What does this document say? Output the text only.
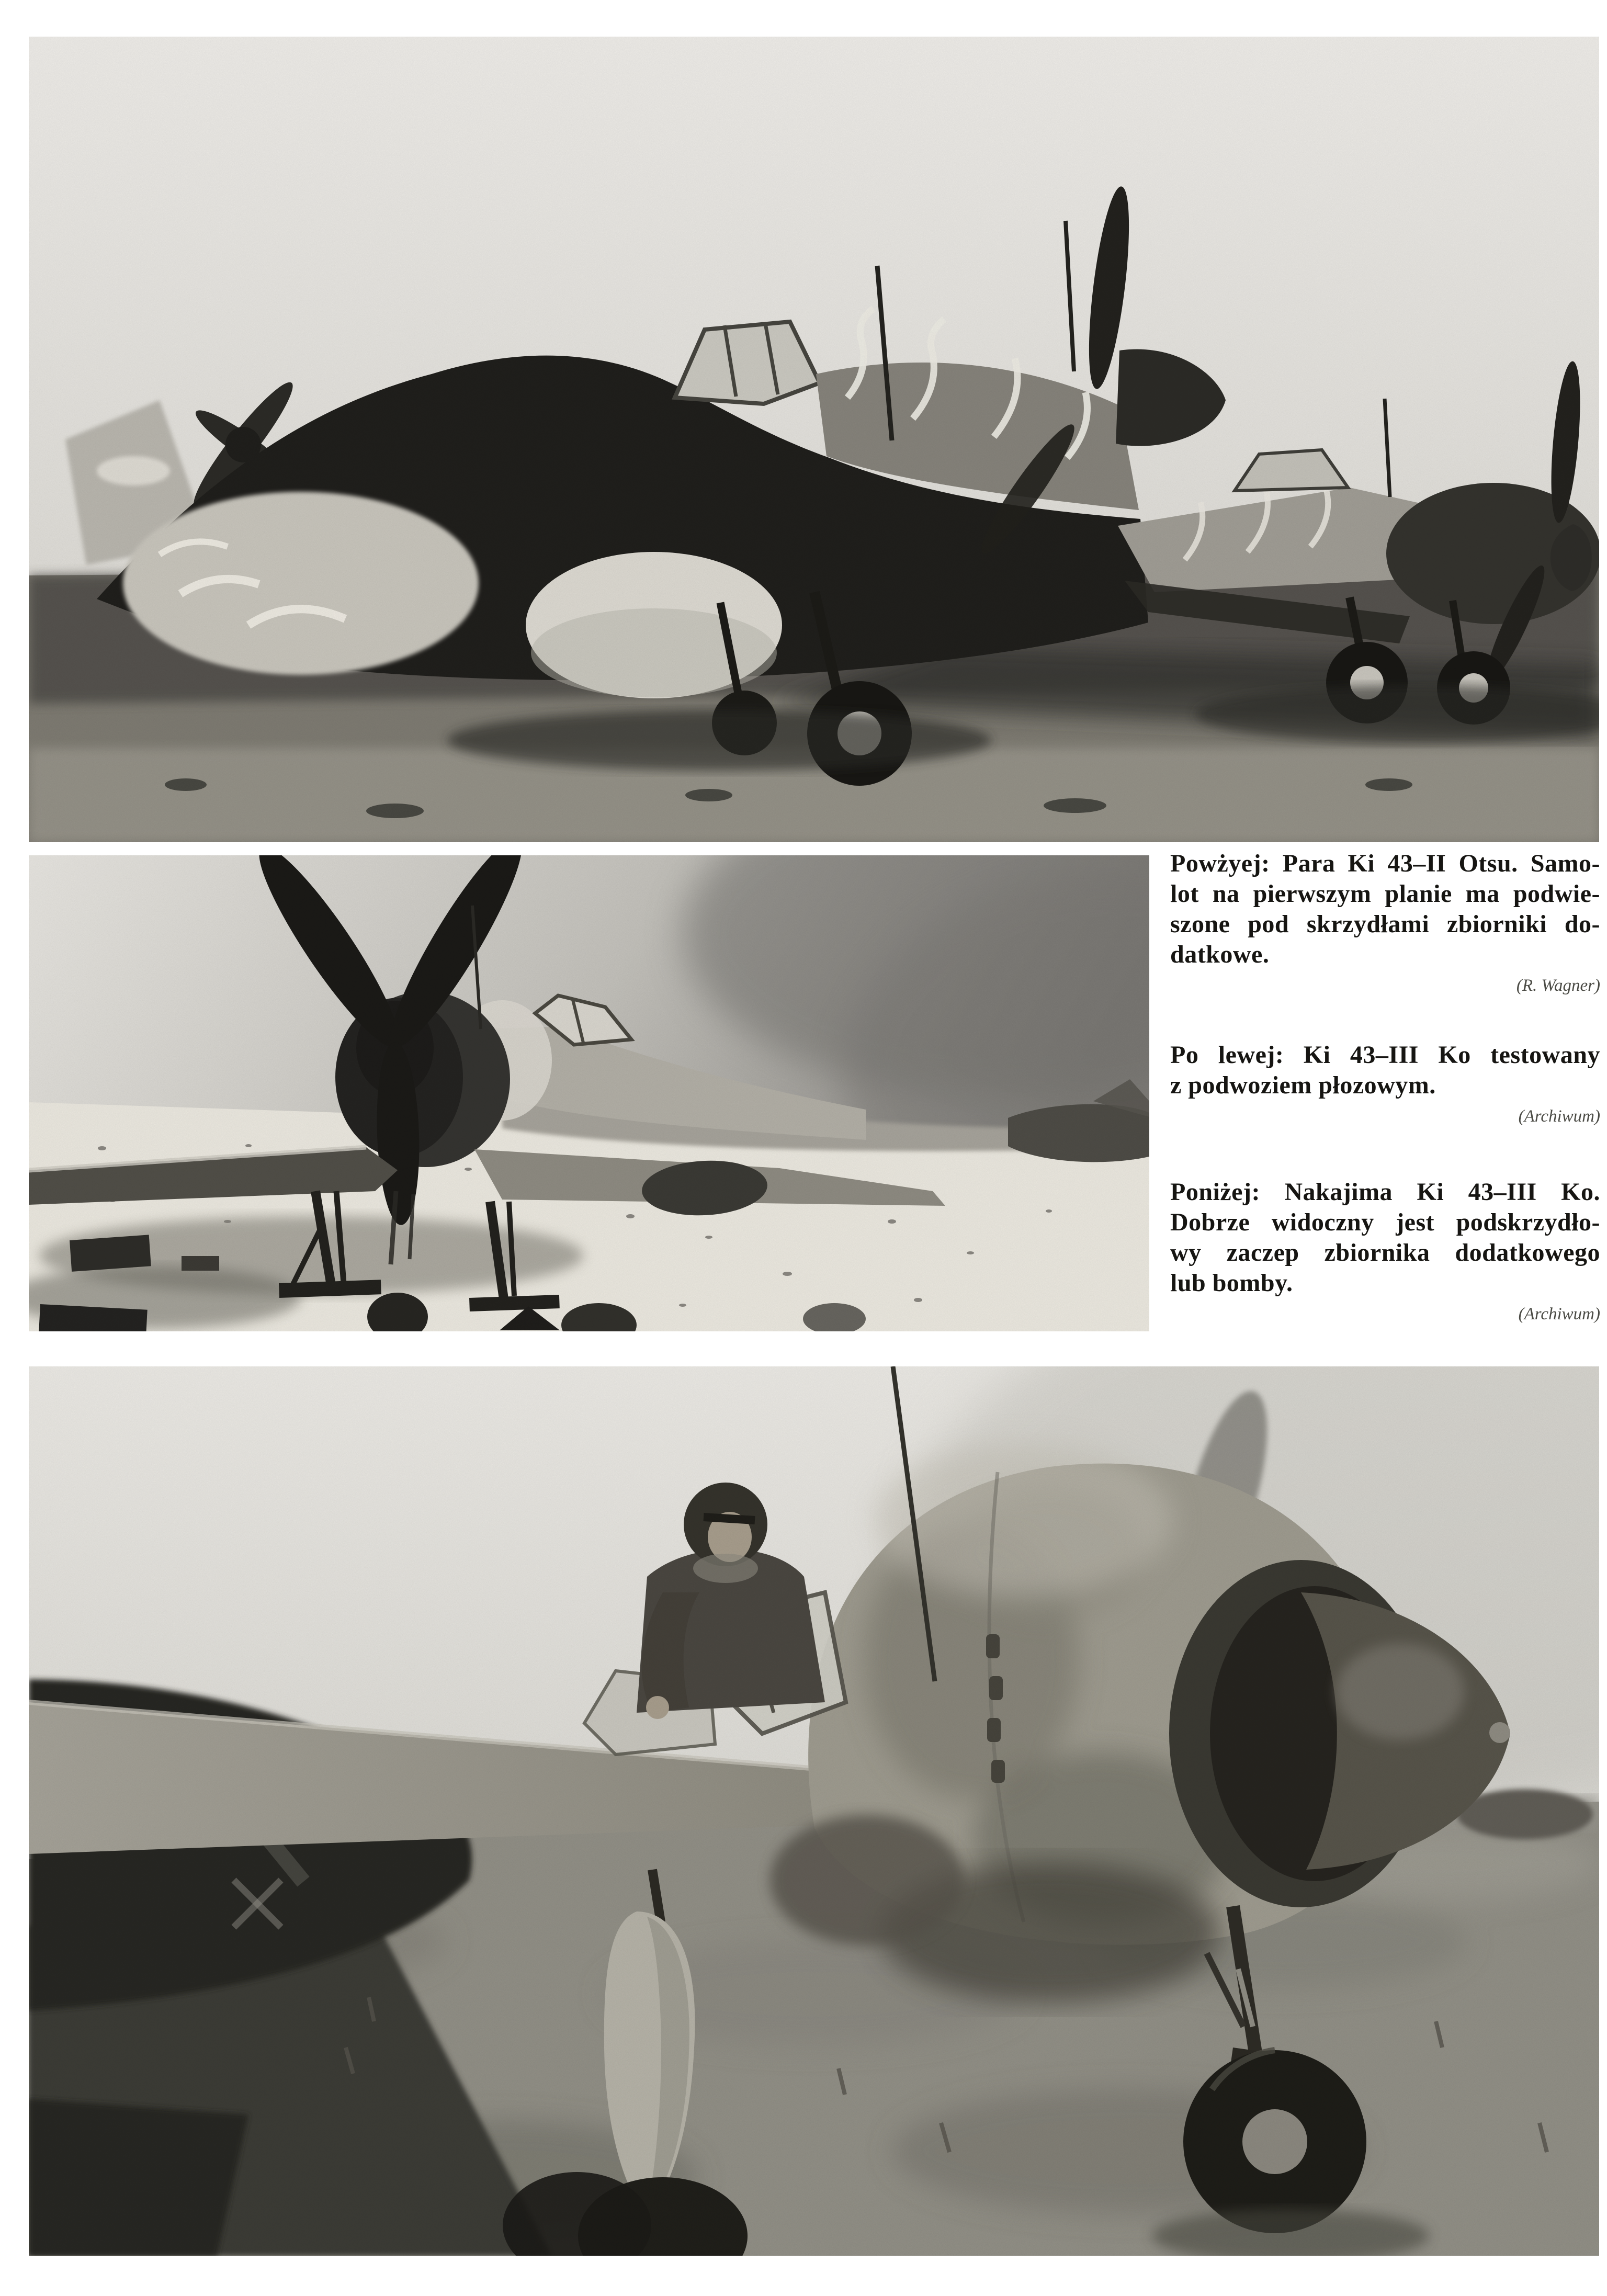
Powżyej: Para Ki 43–II Otsu. Samo-
lot na pierwszym planie ma podwie-
szone pod skrzydłami zbiorniki do-
datkowe.

(R. Wagner)

Po lewej: Ki 43–III Ko testowany
z podwoziem płozowym.

(Archiwum)

Poniżej: Nakajima Ki 43–III Ko.
Dobrze widoczny jest podskrzydło-
wy zaczep zbiornika dodatkowego
lub bomby.

(Archiwum)
